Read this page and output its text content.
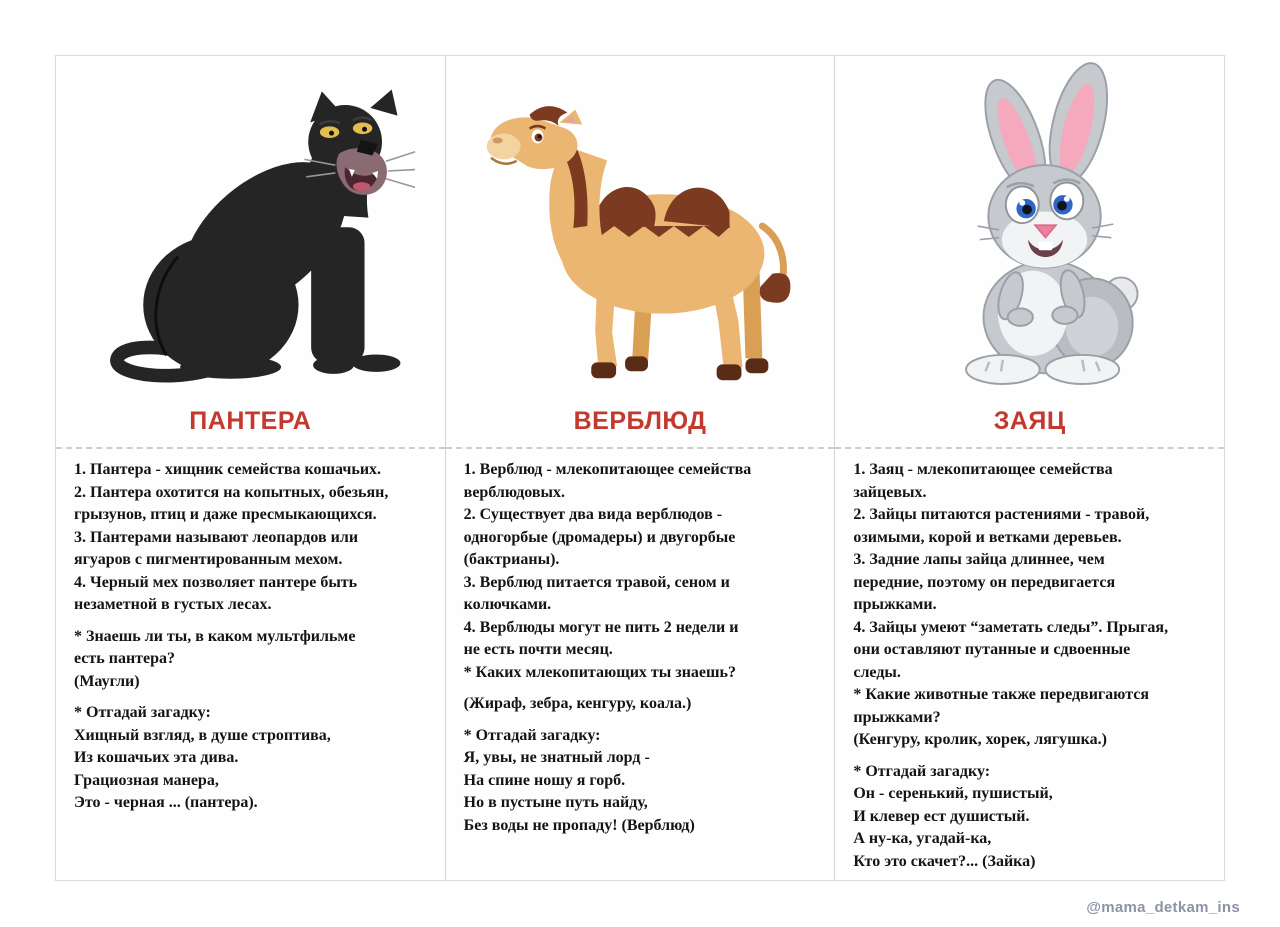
ПАНТЕРА
1. Пантера - хищник семейства кошачьих.
2. Пантера охотится на копытных, обезьян,
грызунов, птиц и даже пресмыкающихся.
3. Пантерами называют леопардов или
ягуаров с пигментированным мехом.
4. Черный мех позволяет пантере быть
незаметной в густых лесах.
* Знаешь ли ты, в каком мультфильме
есть пантера?
(Маугли)
* Отгадай загадку:
Хищный взгляд, в душе строптива,
Из кошачьих эта дива.
Грациозная манера,
Это - черная ... (пантера).
ВЕРБЛЮД
1. Верблюд - млекопитающее семейства
верблюдовых.
2. Существует два вида верблюдов -
одногорбые (дромадеры) и двугорбые
(бактрианы).
3. Верблюд питается травой, сеном и
колючками.
4. Верблюды могут не пить 2 недели и
не есть почти месяц.
* Каких млекопитающих ты знаешь?
(Жираф, зебра, кенгуру, коала.)
* Отгадай загадку:
Я, увы, не знатный лорд -
На спине ношу я горб.
Но в пустыне путь найду,
Без воды не пропаду! (Верблюд)
ЗАЯЦ
1. Заяц - млекопитающее семейства
зайцевых.
2. Зайцы питаются растениями - травой,
озимыми, корой и ветками деревьев.
3. Задние лапы зайца длиннее, чем
передние, поэтому он передвигается
прыжками.
4. Зайцы умеют “заметать следы”. Прыгая,
они оставляют путанные и сдвоенные
следы.
* Какие животные также передвигаются
прыжками?
(Кенгуру, кролик, хорек, лягушка.)
* Отгадай загадку:
Он - серенький, пушистый,
И клевер ест душистый.
А ну-ка, угадай-ка,
Кто это скачет?... (Зайка)
@mama_detkam_ins
